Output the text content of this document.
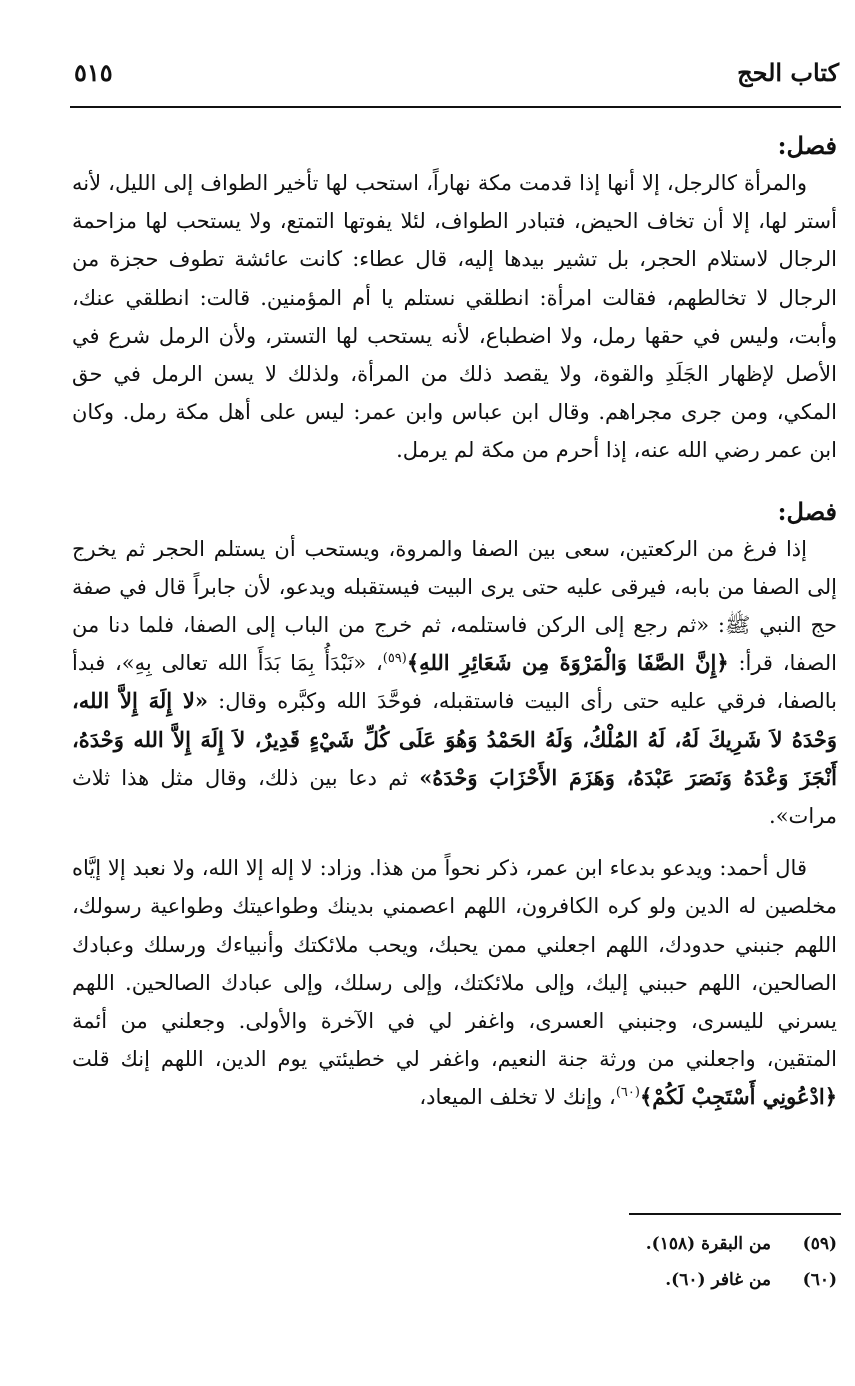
كتاب الحج
٥١٥

فصل:

والمرأة كالرجل، إلا أنها إذا قدمت مكة نهاراً، استحب لها تأخير الطواف إلى الليل، لأنه أستر لها، إلا أن تخاف الحيض، فتبادر الطواف، لئلا يفوتها التمتع، ولا يستحب لها مزاحمة الرجال لاستلام الحجر، بل تشير بيدها إليه، قال عطاء: كانت عائشة تطوف حجزة من الرجال لا تخالطهم، فقالت امرأة: انطلقي نستلم يا أم المؤمنين. قالت: انطلقي عنك، وأبت، وليس في حقها رمل، ولا اضطباع، لأنه يستحب لها التستر، ولأن الرمل شرع في الأصل لإظهار الجَلَدِ والقوة، ولا يقصد ذلك من المرأة، ولذلك لا يسن الرمل في حق المكي، ومن جرى مجراهم. وقال ابن عباس وابن عمر: ليس على أهل مكة رمل. وكان ابن عمر رضي الله عنه، إذا أحرم من مكة لم يرمل.

فصل:

إذا فرغ من الركعتين، سعى بين الصفا والمروة، ويستحب أن يستلم الحجر ثم يخرج إلى الصفا من بابه، فيرقى عليه حتى يرى البيت فيستقبله ويدعو، لأن جابراً قال في صفة حج النبي ﷺ: «ثم رجع إلى الركن فاستلمه، ثم خرج من الباب إلى الصفا، فلما دنا من الصفا، قرأ: ﴿إِنَّ الصَّفَا وَالْمَرْوَةَ مِن شَعَائِرِ اللهِ﴾$^{(٥٩)}$، «نَبْدَأُ بِمَا بَدَأَ الله تعالى بِهِ»، فبدأ بالصفا، فرقي عليه حتى رأى البيت فاستقبله، فوحَّدَ الله وكبَّره وقال: «لا إِلَهَ إِلاَّ الله، وَحْدَهُ لاَ شَرِيكَ لَهُ، لَهُ المُلْكُ، وَلَهُ الحَمْدُ وَهُوَ عَلَى كُلِّ شَيْءٍ قَدِيرٌ، لاَ إِلَهَ إِلاَّ الله وَحْدَهُ، أَنْجَزَ وَعْدَهُ وَنَصَرَ عَبْدَهُ، وَهَزَمَ الأَحْزَابَ وَحْدَهُ» ثم دعا بين ذلك، وقال مثل هذا ثلاث مرات».

قال أحمد: ويدعو بدعاء ابن عمر، ذكر نحواً من هذا. وزاد: لا إله إلا الله، ولا نعبد إلا إيَّاه مخلصين له الدين ولو كره الكافرون، اللهم اعصمني بدينك وطواعيتك وطواعية رسولك، اللهم جنبني حدودك، اللهم اجعلني ممن يحبك، ويحب ملائكتك وأنبياءك ورسلك وعبادك الصالحين، اللهم حببني إليك، وإلى ملائكتك، وإلى رسلك، وإلى عبادك الصالحين. اللهم يسرني لليسرى، وجنبني العسرى، واغفر لي في الآخرة والأولى. وجعلني من أئمة المتقين، واجعلني من ورثة جنة النعيم، واغفر لي خطيئتي يوم الدين، اللهم إنك قلت ﴿ادْعُونِي أَسْتَجِبْ لَكُمْ﴾$^{(٦٠)}$، وإنك لا تخلف الميعاد،

(٥٩)
من البقرة (١٥٨).
(٦٠)
من غافر (٦٠).
